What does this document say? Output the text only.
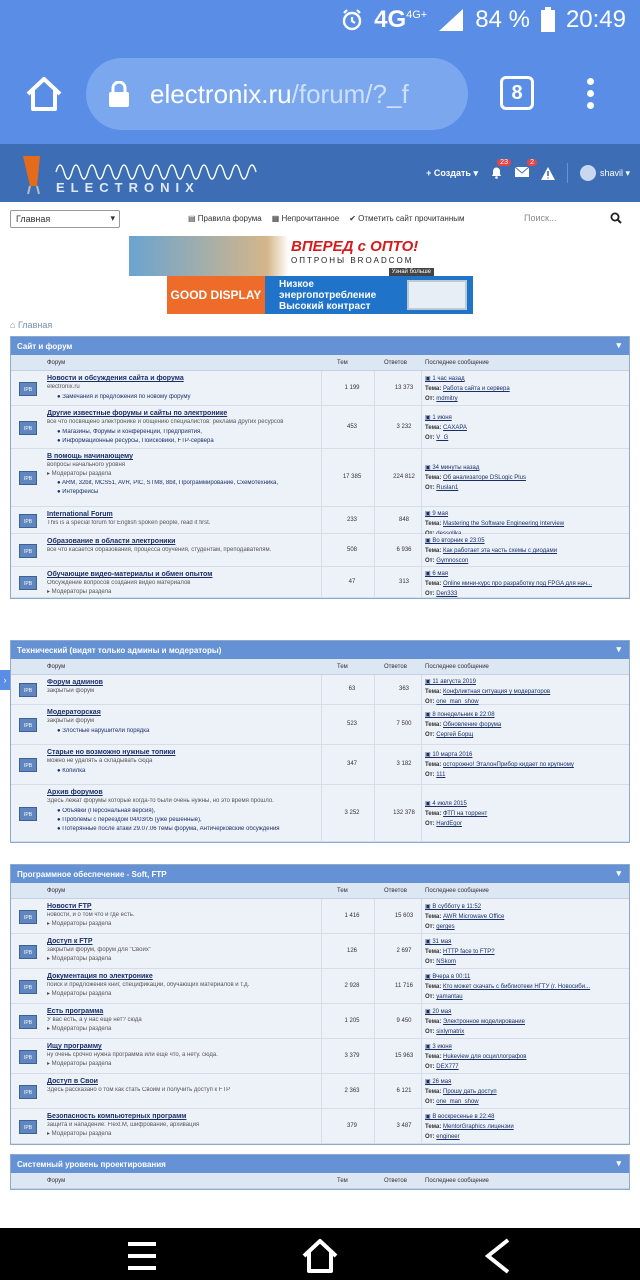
$4G^{4G+}$ 84 % 20:49
electronix.ru /forum/?_f	8
ELECTRONIX
+ Создать ▾
23	2
shavil ▾
Главная ▾	▤ Правила форума ▦ Непрочитанное ✔ Отметить сайт прочитанным	Поиск...
ВПЕРЕД с ОПТО!
ОПТРОНЫ BROADCOM
Узнай больше
GOOD DISPLAY
Низкое
энергопотребление
Высокий контраст
⌂ Главная
Сайт и форум	▾
Форум	Тем	Ответов	Последнее сообщение
IPB
Новости и обсуждения сайта и форума
electronix.ru
● Замечания и предложения по новому форуму
1 199	13 373
▣ 1 час назад
Тема: Работа сайта и сервера
От: mdmitry
IPB
Другие известные форумы и сайты по электронике
все что посвящено электронике и общению специалистов: реклама других ресурсов
● Магазины, Форумы и конференции, Предприятия,
● Информационные ресурсы, Поисковики, FTP-сервера
453	3 232
▣ 1 июня
Тема: СAXAPA
От: V_G
IPB
В помощь начинающему
вопросы начального уровня
▸ Модераторы раздела
● ARM, 32bit, MCS51, AVR, PIC, STM8, 8bit, Программирование, Схемотехника,
● Интерфейсы
17 385	224 812
▣ 34 минуты назад
Тема: Об анализаторе DSLogic Plus
От: Ruslan1
IPB
International Forum
This is a special forum for English spoken people, read it first.	233	848
▣ 9 мая
Тема: Mastering the Software Engineering Interview
IPB
Образование в области электроники
все что касается образования, процесса обучения, студентам, преподавателям.	508	6 936
▣ Во вторник в 23:05
Тема: Как работает эта часть схемы с диодами
От: Gymnoscon
IPB
Обучающие видео-материалы и обмен опытом
Обсуждение вопросов создания видео материалов
▸ Модераторы раздела
47	313
▣ 6 мая
Тема: Online мини-курс про разработку под FPGA для нач...
От: Den333
Технический (видят только админы и модераторы)	▾
Форум	Тем	Ответов	Последнее сообщение
IPB
Форум админов
закрытый форум	63	363
▣ 11 августа 2019
Тема: Конфликтная ситуация у модераторов
От: one_man_show
IPB
Модераторская
закрытый форум
● Злостные нарушители порядка
523	7 500
▣ 8 понедельник в 22:08
Тема: Обновление форума
От: Сергей Борщ
IPB
Старые но возможно нужные топики
можно не удалять а складывать сюда
● Копилка
347	3 182
▣ 10 марта 2016
Тема: осторожно! ЭталонПрибор кидает по крупному
От: 111
IPB
Архив форумов
Здесь лежат форумы которые когда-то были очень нужны, но это время прошло.
● Объявки (Персональная версия),
● Проблемы с переездом 04/03/05 (уже решенные),
● Потерянные после атаки 29.07.06 темы форума, Античерковские обсуждения
3 252	132 378
▣ 4 июля 2015
Тема: ФТП на торрент
От: HardEgor
Программное обеспечение - Soft, FTP	▾
Форум	Тем	Ответов	Последнее сообщение
IPB
Новости FTP
новости, и о том что и где есть.
▸ Модераторы раздела
1 416	15 603
▣ В субботу в 11:52
Тема: AWR Microwave Office
От: gerges
IPB
Доступ к FTP
закрытый форум, форум для "Своих"
▸ Модераторы раздела
126	2 697
▣ 31 мая
Тема: HTTP face to FTP?
От: NSkom
IPB
Документация по электронике
поиск и предложения книг, спецификаций, обучающих материалов и т.д.
▸ Модераторы раздела
2 928	11 716
▣ Вчера в 00:11
Тема: Кто может скачать с библиотеки НГТУ (г. Новосиби...
От: yamantau
IPB
Есть программа
У вас есть, а у нас еще нет? сюда
▸ Модераторы раздела
1 205	9 450
▣ 20 мая
Тема: Электронное моделирование
От: sixlymatrix
IPB
Ищу программу
ну очень срочно нужна программа или еще что, а нету. сюда.
▸ Модераторы раздела
3 379	15 963
▣ 3 июня
Тема: Hukeview для осциллографов
От: DEX777
IPB
Доступ в Свои
Здесь рассказано о том как стать Своим и получить доступ к FTP	2 363	6 121
▣ 26 мая
Тема: Прошу дать доступ
От: one_man_show
IPB
Безопасность компьютерных программ
защита и нападение: Flexl.M, шифрование, архивация
▸ Модераторы раздела
379	3 487
▣ В воскресенье в 22:48
Тема: MentorGraphics лицензии
От: engineer
Системный уровень проектирования	▾
Форум	Тем	Ответов	Последнее сообщение
›
